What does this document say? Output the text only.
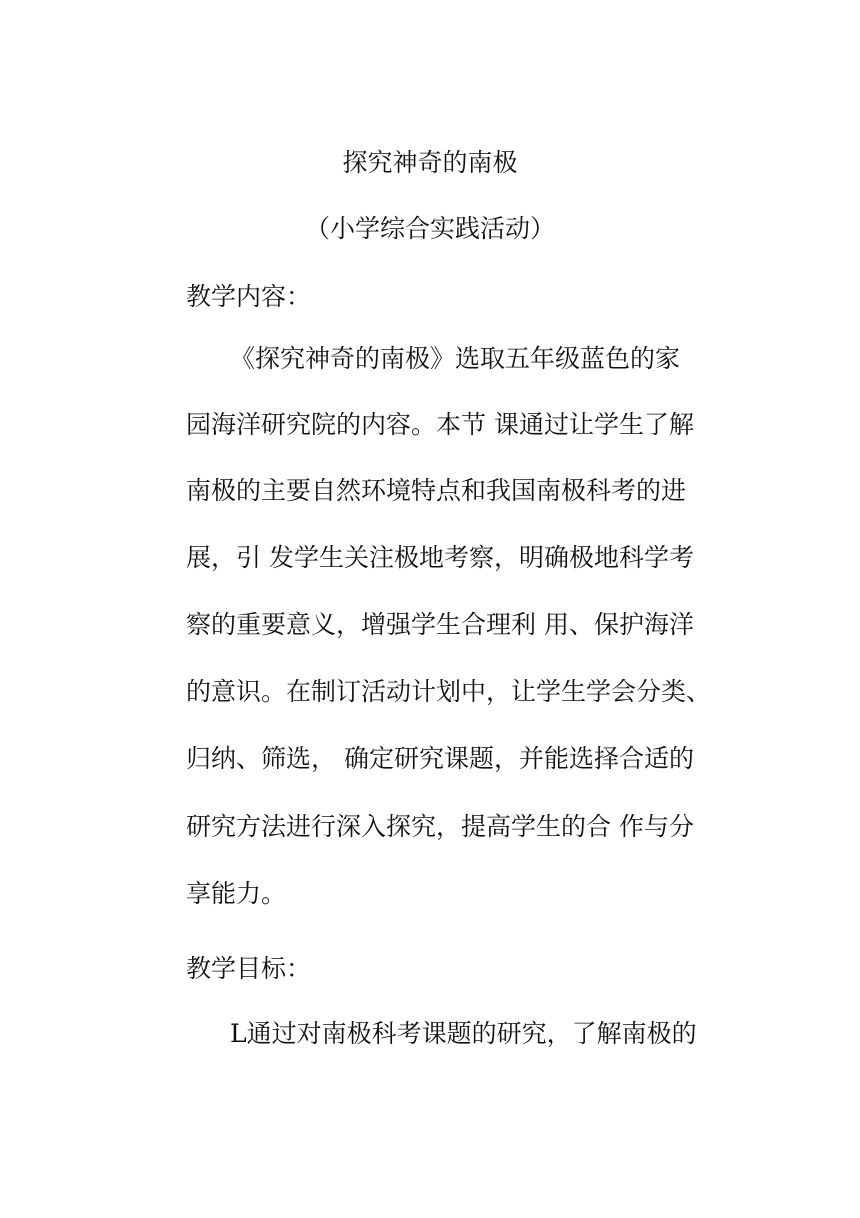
探究神奇的南极
（小学综合实践活动）
教学内容：
《探究神奇的南极》选取五年级蓝色的家
园海洋研究院的内容。本节 课通过让学生了解
南极的主要自然环境特点和我国南极科考的进
展，引 发学生关注极地考察，明确极地科学考
察的重要意义，增强学生合理利 用、保护海洋
的意识。在制订活动计划中，让学生学会分类、
归纳、筛选， 确定研究课题，并能选择合适的
研究方法进行深入探究，提高学生的合 作与分
享能力。
教学目标：
L通过对南极科考课题的研究，了解南极的
